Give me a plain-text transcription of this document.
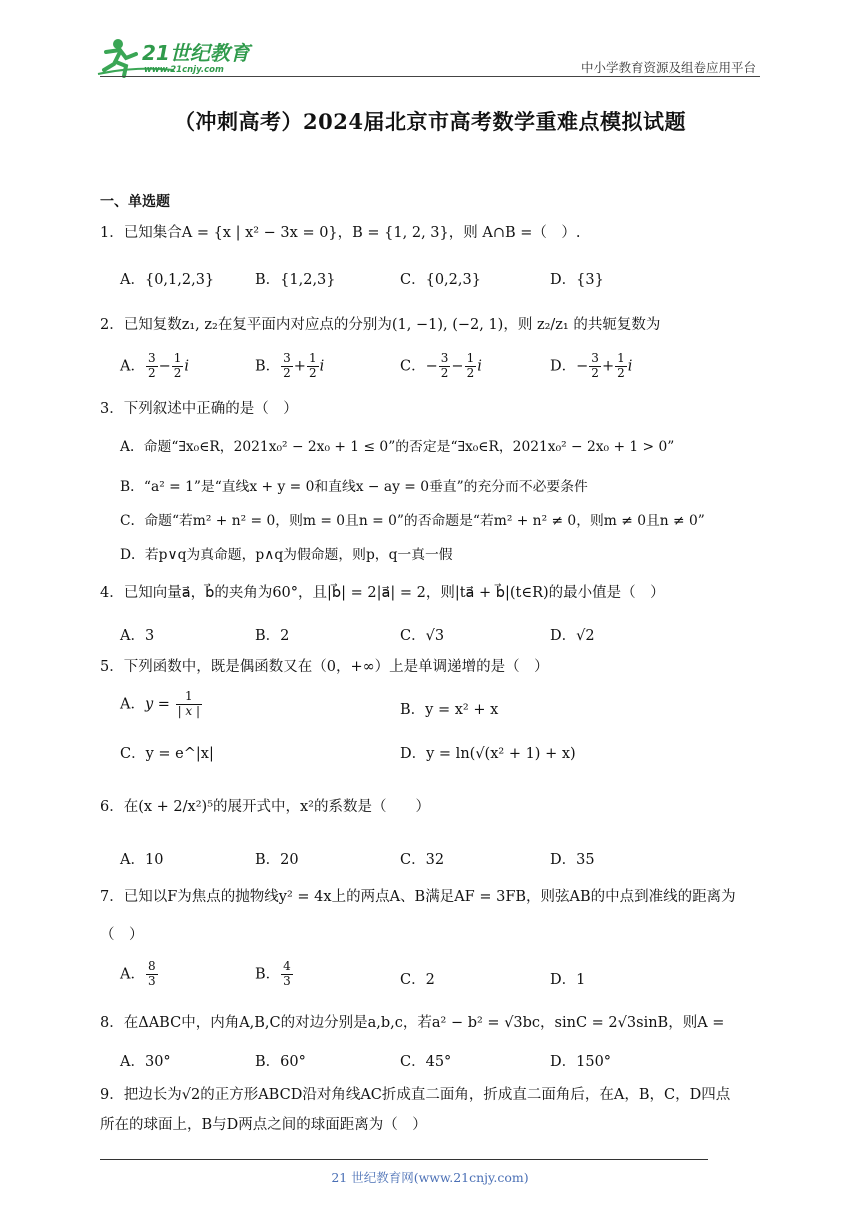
21世纪教育
www.21cnjy.com	中小学教育资源及组卷应用平台
（冲刺高考）2024届北京市高考数学重难点模拟试题
一、单选题
1．已知集合A = {x | x² − 3x = 0}，B = {1, 2, 3}，则 A∩B =（　）.
A．{0,1,2,3}	B．{1,2,3}	C．{0,2,3}	D．{3}
2．已知复数z₁, z₂在复平面内对应点的分别为(1, −1), (−2, 1)，则 z₂/z₁ 的共轭复数为
A． $\frac{3}{2} - \frac{1}{2}$ i	B． $\frac{3}{2} + \frac{1}{2}$ i	C．− $\frac{3}{2} - \frac{1}{2}$ i	D．− $\frac{3}{2} + \frac{1}{2}$ i
3．下列叙述中正确的是（　）
A．命题“∃x₀∈R，2021x₀² − 2x₀ + 1 ≤ 0”的否定是“∃x₀∈R，2021x₀² − 2x₀ + 1 > 0”
B．“a² = 1”是“直线x + y = 0和直线x − ay = 0垂直”的充分而不必要条件
C．命题“若m² + n² = 0，则m = 0且n = 0”的否命题是“若m² + n² ≠ 0，则m ≠ 0且n ≠ 0”
D．若p∨q为真命题，p∧q为假命题，则p，q一真一假
4．已知向量a⃗，b⃗的夹角为60°，且|b⃗| = 2|a⃗| = 2，则|ta⃗ + b⃗|(t∈R)的最小值是（　）
A．3	B．2	C．√3	D．√2
5．下列函数中，既是偶函数又在（0，+∞）上是单调递增的是（　）
A．$y = \frac{1}{| x |}$	B．y = x² + x
C．y = e^|x|	D．y = ln(√(x² + 1) + x)
6．在(x + 2/x²)⁵的展开式中，x²的系数是（　　）
A．10	B．20	C．32	D．35
7．已知以F为焦点的抛物线y² = 4x上的两点A、B满足AF = 3FB，则弦AB的中点到准线的距离为
（　）
A． $\frac{8}{3}$	B． $\frac{4}{3}$	C．2	D．1
8．在ΔABC中，内角A,B,C的对边分别是a,b,c，若a² − b² = √3bc，sinC = 2√3sinB，则A =
A．30°	B．60°	C．45°	D．150°
9．把边长为√2的正方形ABCD沿对角线AC折成直二面角，折成直二面角后，在A，B，C，D四点
所在的球面上，B与D两点之间的球面距离为（　）
21 世纪教育网(www.21cnjy.com)
